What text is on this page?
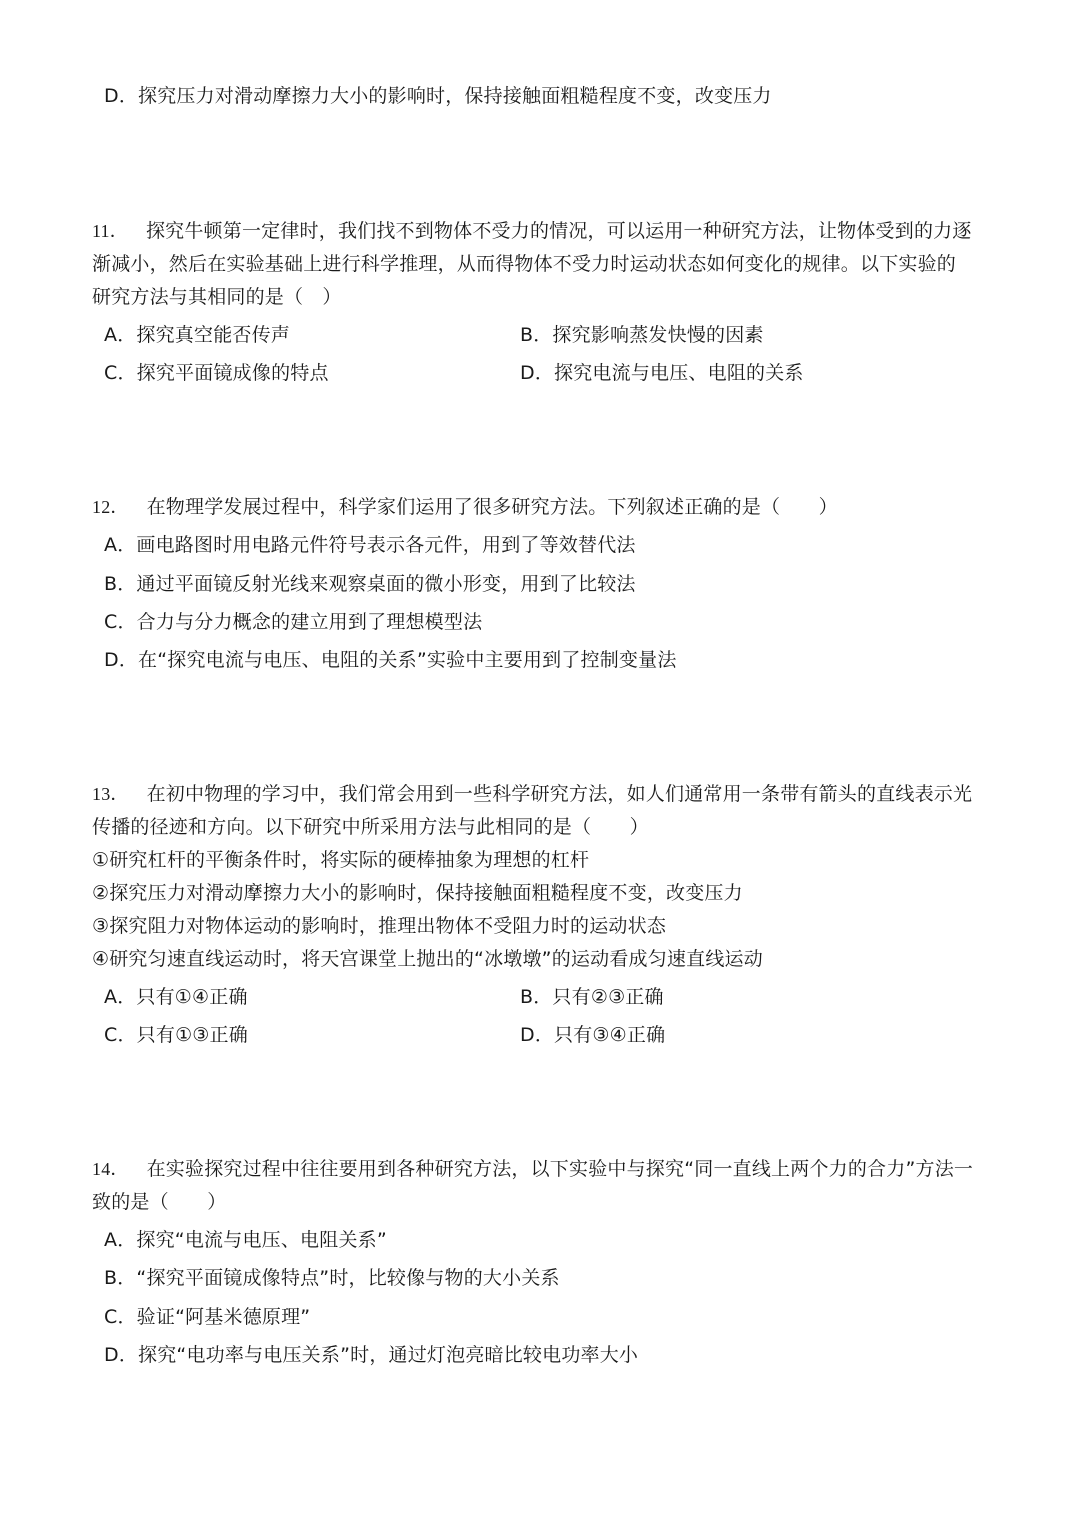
D．探究压力对滑动摩擦力大小的影响时，保持接触面粗糙程度不变，改变压力
11． 探究牛顿第一定律时，我们找不到物体不受力的情况，可以运用一种研究方法，让物体受到的力逐
渐减小，然后在实验基础上进行科学推理，从而得物体不受力时运动状态如何变化的规律。以下实验的
研究方法与其相同的是（　）
A．探究真空能否传声	B．探究影响蒸发快慢的因素
C．探究平面镜成像的特点	D．探究电流与电压、电阻的关系
12． 在物理学发展过程中，科学家们运用了很多研究方法。下列叙述正确的是（　　）
A．画电路图时用电路元件符号表示各元件，用到了等效替代法
B．通过平面镜反射光线来观察桌面的微小形变，用到了比较法
C．合力与分力概念的建立用到了理想模型法
D．在“探究电流与电压、电阻的关系”实验中主要用到了控制变量法
13． 在初中物理的学习中，我们常会用到一些科学研究方法，如人们通常用一条带有箭头的直线表示光
传播的径迹和方向。以下研究中所采用方法与此相同的是（　　）
①研究杠杆的平衡条件时，将实际的硬棒抽象为理想的杠杆
②探究压力对滑动摩擦力大小的影响时，保持接触面粗糙程度不变，改变压力
③探究阻力对物体运动的影响时，推理出物体不受阻力时的运动状态
④研究匀速直线运动时，将天宫课堂上抛出的“冰墩墩”的运动看成匀速直线运动
A．只有①④正确	B．只有②③正确
C．只有①③正确	D．只有③④正确
14． 在实验探究过程中往往要用到各种研究方法，以下实验中与探究“同一直线上两个力的合力”方法一
致的是（　　）
A．探究“电流与电压、电阻关系”
B．“探究平面镜成像特点”时，比较像与物的大小关系
C．验证“阿基米德原理”
D．探究“电功率与电压关系”时，通过灯泡亮暗比较电功率大小
